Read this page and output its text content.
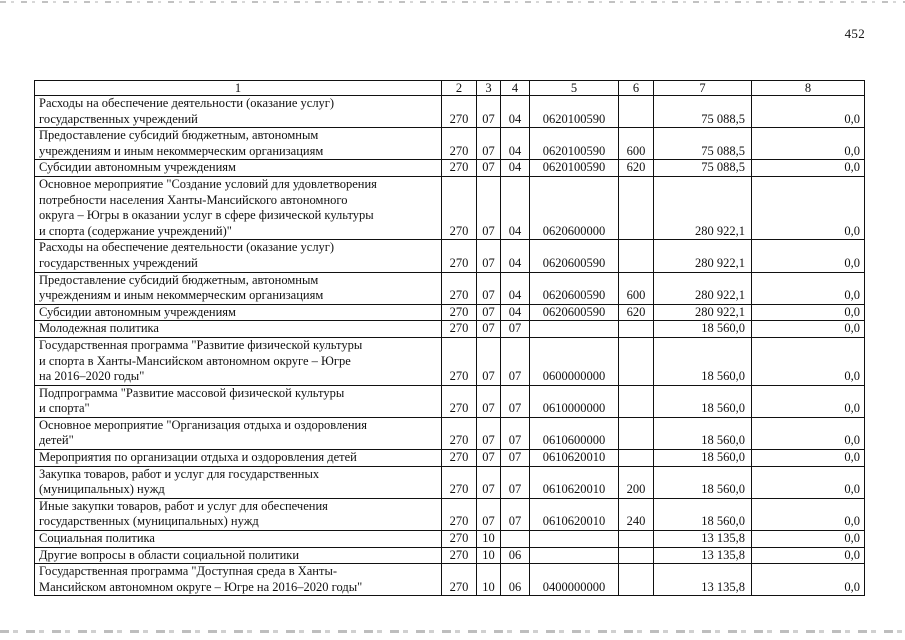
452
1	2	3	4	5	6	7	8

Расходы на обеспечение деятельности (оказание услуг)
государственных учреждений	270	07	04	0620100590		75 088,5	0,0

Предоставление субсидий бюджетным, автономным
учреждениям и иным некоммерческим организациям	270	07	04	0620100590	600	75 088,5	0,0

Субсидии автономным учреждениям	270	07	04	0620100590	620	75 088,5	0,0

Основное мероприятие "Создание условий для удовлетворения
потребности населения Ханты-Мансийского автономного
округа – Югры в оказании услуг в сфере физической культуры
и спорта (содержание учреждений)"	270	07	04	0620600000		280 922,1	0,0

Расходы на обеспечение деятельности (оказание услуг)
государственных учреждений	270	07	04	0620600590		280 922,1	0,0

Предоставление субсидий бюджетным, автономным
учреждениям и иным некоммерческим организациям	270	07	04	0620600590	600	280 922,1	0,0

Субсидии автономным учреждениям	270	07	04	0620600590	620	280 922,1	0,0

Молодежная политика	270	07	07			18 560,0	0,0

Государственная программа "Развитие физической культуры
и спорта в Ханты-Мансийском автономном округе – Югре
на 2016–2020 годы"	270	07	07	0600000000		18 560,0	0,0

Подпрограмма "Развитие массовой физической культуры
и спорта"	270	07	07	0610000000		18 560,0	0,0

Основное мероприятие "Организация отдыха и оздоровления
детей"	270	07	07	0610600000		18 560,0	0,0

Мероприятия по организации отдыха и оздоровления детей	270	07	07	0610620010		18 560,0	0,0

Закупка товаров, работ и услуг для государственных
(муниципальных) нужд	270	07	07	0610620010	200	18 560,0	0,0

Иные закупки товаров, работ и услуг для обеспечения
государственных (муниципальных) нужд	270	07	07	0610620010	240	18 560,0	0,0

Социальная политика	270	10				13 135,8	0,0

Другие вопросы в области социальной политики	270	10	06			13 135,8	0,0

Государственная программа "Доступная среда в Ханты-
Мансийском автономном округе – Югре на 2016–2020 годы"	270	10	06	0400000000		13 135,8	0,0
